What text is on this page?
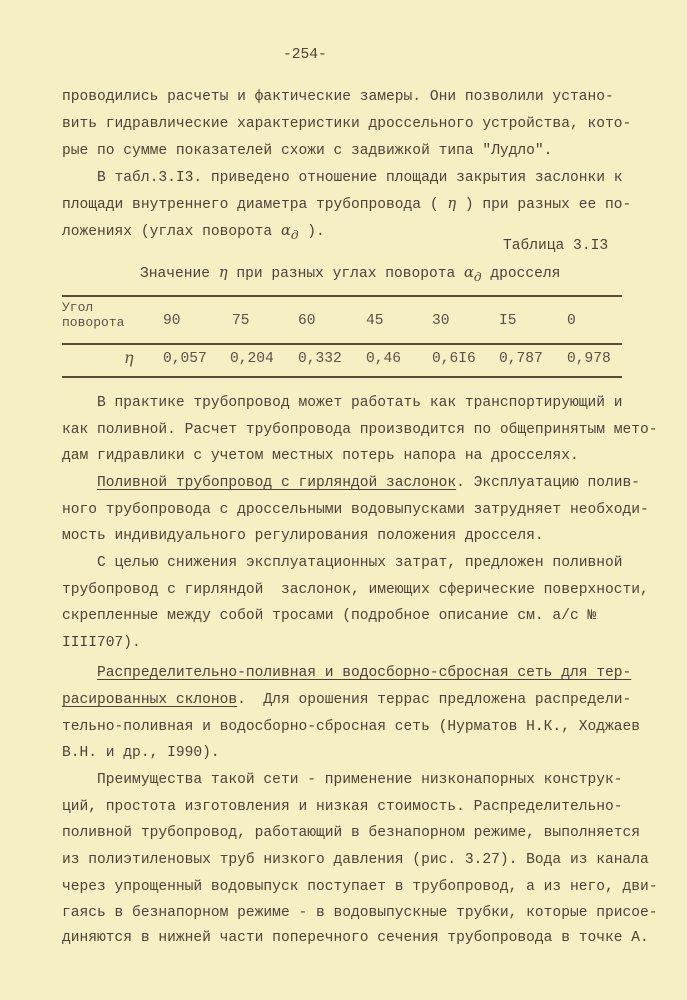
-254-
проводились расчеты и фактические замеры. Они позволили устано-
вить гидравлические характеристики дроссельного устройства, кото-
рые по сумме показателей схожи с задвижкой типа "Лудло".
В табл.3.I3. приведено отношение площади закрытия заслонки к
площади внутреннего диаметра трубопровода ( η ) при разных ее по-
ложениях (углах поворота $\alpha_д$ ).
Таблица 3.I3
Значение η при разных углах поворота $\alpha_д$ дросселя
Угол
поворота	90	75	60	45	30	I5	0
η 0,057 0,204 0,332 0,46 0,6I6 0,787 0,978
В практике трубопровод может работать как транспортирующий и
как поливной. Расчет трубопровода производится по общепринятым мето-
дам гидравлики с учетом местных потерь напора на дросселях.
Поливной трубопровод с гирляндой заслонок. Эксплуатацию полив-
ного трубопровода с дроссельными водовыпусками затрудняет необходи-
мость индивидуального регулирования положения дросселя.
С целью снижения эксплуатационных затрат, предложен поливной
трубопровод с гирляндой  заслонок, имеющих сферические поверхности,
скрепленные между собой тросами (подробное описание см. а/с №
IIII707).
Распределительно-поливная и водосборно-сбросная сеть для тер-
расированных склонов.  Для орошения террас предложена распредели-
тельно-поливная и водосборно-сбросная сеть (Нурматов Н.К., Ходжаев
В.Н. и др., I990).
Преимущества такой сети - применение низконапорных конструк-
ций, простота изготовления и низкая стоимость. Распределительно-
поливной трубопровод, работающий в безнапорном режиме, выполняется
из полиэтиленовых труб низкого давления (рис. 3.27). Вода из канала
через упрощенный водовыпуск поступает в трубопровод, а из него, дви-
гаясь в безнапорном режиме - в водовыпускные трубки, которые присое-
диняются в нижней части поперечного сечения трубопровода в точке А.
